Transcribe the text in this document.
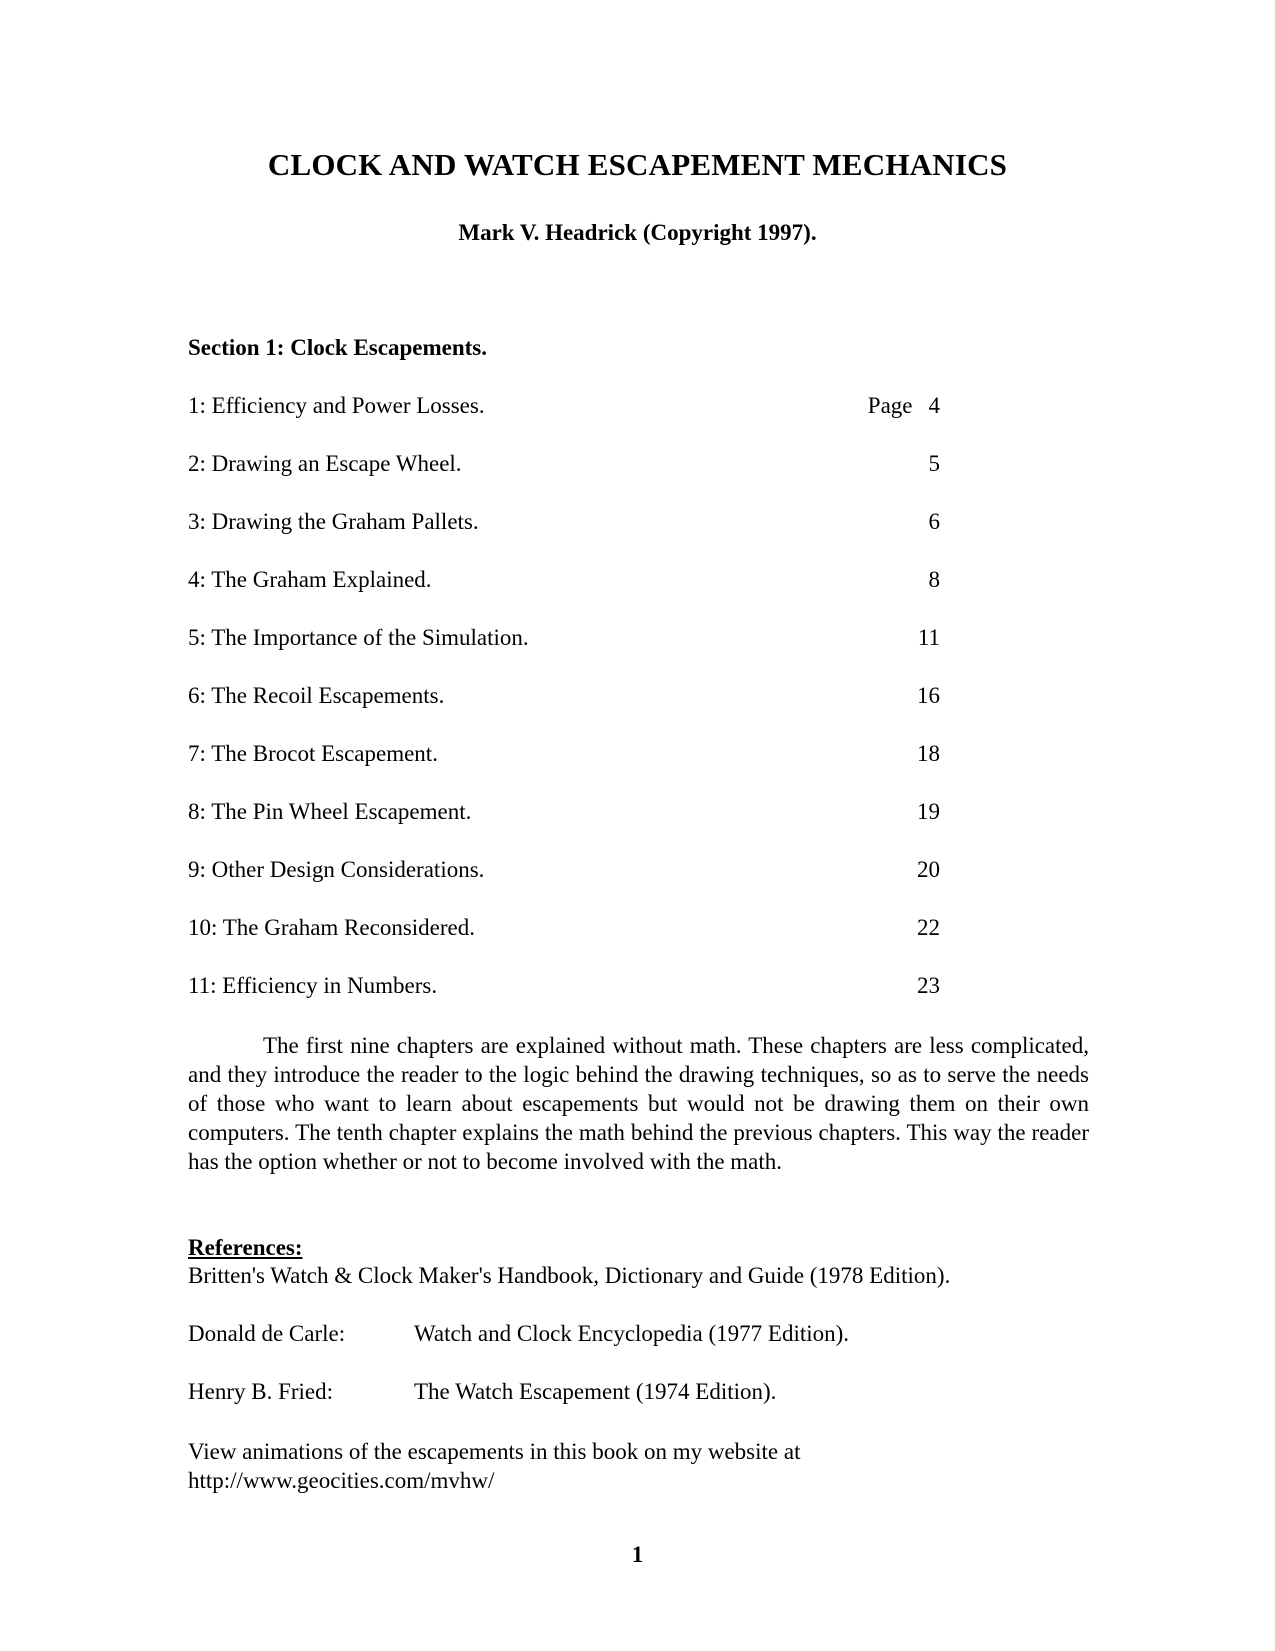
CLOCK AND WATCH ESCAPEMENT MECHANICS
Mark V. Headrick (Copyright 1997).
Section 1: Clock Escapements.
1: Efficiency and Power Losses.	Page 4
2: Drawing an Escape Wheel.	5
3: Drawing the Graham Pallets.	6
4: The Graham Explained.	8
5: The Importance of the Simulation.	11
6: The Recoil Escapements.	16
7: The Brocot Escapement.	18
8: The Pin Wheel Escapement.	19
9: Other Design Considerations.	20
10: The Graham Reconsidered.	22
11: Efficiency in Numbers.	23
The first nine chapters are explained without math. These chapters are less complicated, and they introduce the reader to the logic behind the drawing techniques, so as to serve the needs of those who want to learn about escapements but would not be drawing them on their own computers. The tenth chapter explains the math behind the previous chapters. This way the reader has the option whether or not to become involved with the math.
References:
Britten's Watch & Clock Maker's Handbook, Dictionary and Guide (1978 Edition).
Donald de Carle:	Watch and Clock Encyclopedia (1977 Edition).
Henry B. Fried:	The Watch Escapement (1974 Edition).
View animations of the escapements in this book on my website at
http://www.geocities.com/mvhw/
1
